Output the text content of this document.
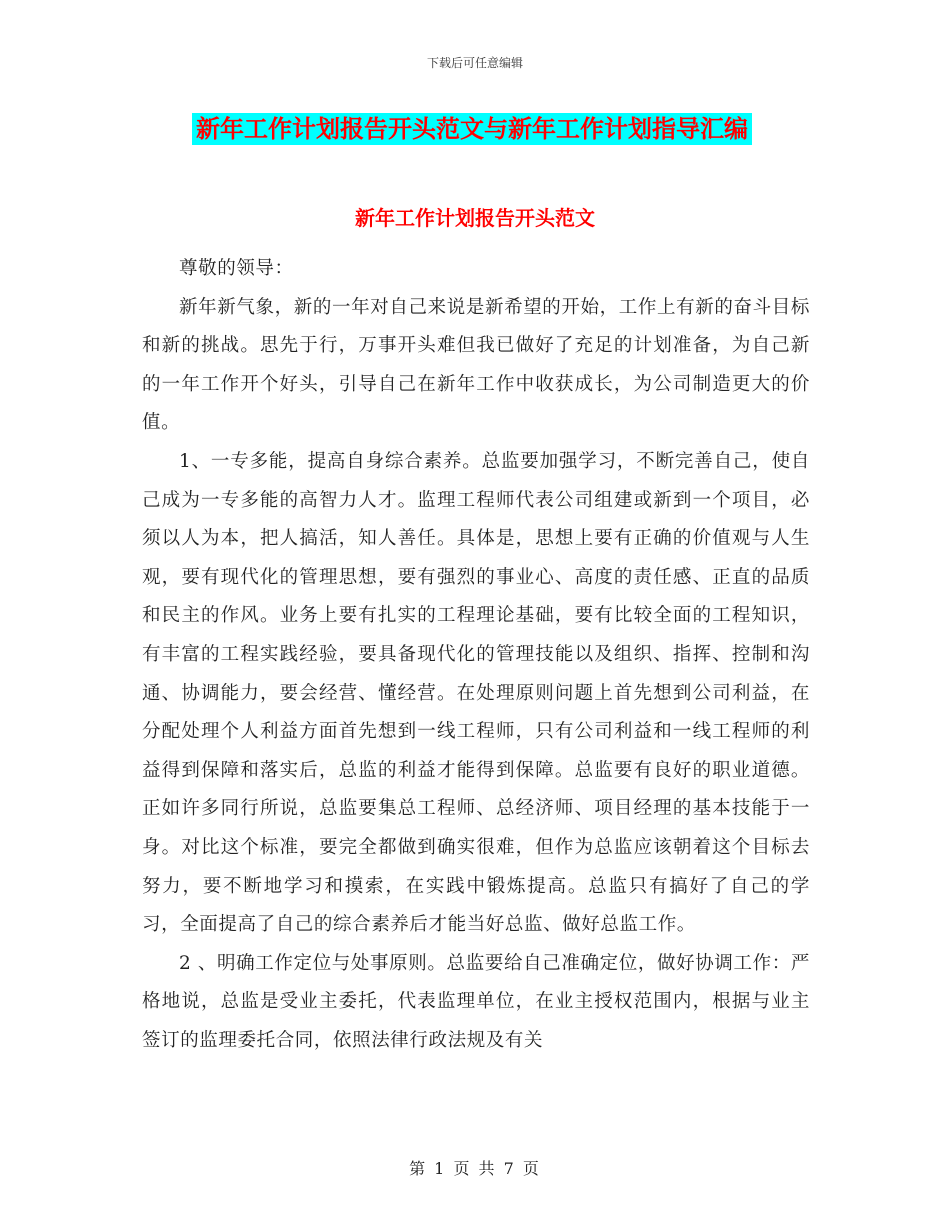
下载后可任意编辑
新年工作计划报告开头范文与新年工作计划指导汇编
新年工作计划报告开头范文

尊敬的领导：

新年新气象，新的一年对自己来说是新希望的开始，工作上有新的奋斗目标和新的挑战。思先于行，万事开头难但我已做好了充足的计划准备，为自己新的一年工作开个好头，引导自己在新年工作中收获成长，为公司制造更大的价值。

1、一专多能，提高自身综合素养。总监要加强学习，不断完善自己，使自己成为一专多能的高智力人才。监理工程师代表公司组建或新到一个项目，必须以人为本，把人搞活，知人善任。具体是，思想上要有正确的价值观与人生观，要有现代化的管理思想，要有强烈的事业心、高度的责任感、正直的品质和民主的作风。业务上要有扎实的工程理论基础，要有比较全面的工程知识，有丰富的工程实践经验，要具备现代化的管理技能以及组织、指挥、控制和沟通、协调能力，要会经营、懂经营。在处理原则问题上首先想到公司利益，在分配处理个人利益方面首先想到一线工程师，只有公司利益和一线工程师的利益得到保障和落实后，总监的利益才能得到保障。总监要有良好的职业道德。正如许多同行所说，总监要集总工程师、总经济师、项目经理的基本技能于一身。对比这个标准，要完全都做到确实很难，但作为总监应该朝着这个目标去努力，要不断地学习和摸索，在实践中锻炼提高。总监只有搞好了自己的学习，全面提高了自己的综合素养后才能当好总监、做好总监工作。

2 、明确工作定位与处事原则。总监要给自己准确定位，做好协调工作：严格地说，总监是受业主委托，代表监理单位，在业主授权范围内，根据与业主签订的监理委托合同，依照法律行政法规及有关

第 1 页 共 7 页
